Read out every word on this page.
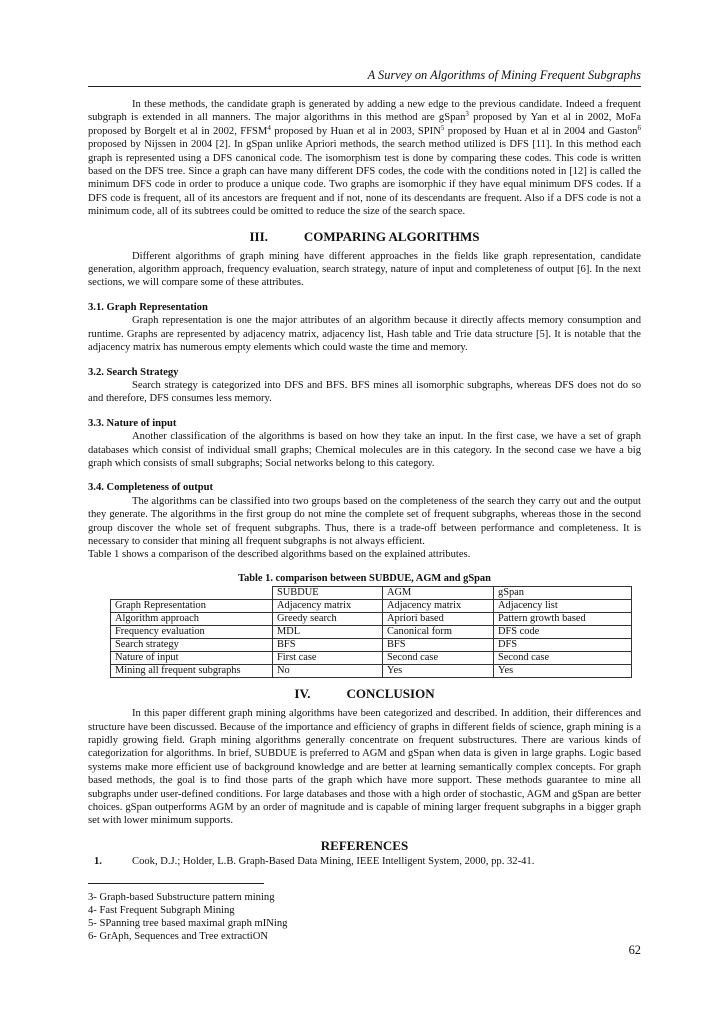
A Survey on Algorithms of Mining Frequent Subgraphs

In these methods, the candidate graph is generated by adding a new edge to the previous candidate. Indeed a frequent subgraph is extended in all manners. The major algorithms in this method are gSpan$^3$ proposed by Yan et al in 2002, MoFa proposed by Borgelt et al in 2002, FFSM$^4$ proposed by Huan et al in 2003, SPIN$^5$ proposed by Huan et al in 2004 and Gaston$^6$ proposed by Nijssen in 2004 [2]. In gSpan unlike Apriori methods, the search method utilized is DFS [11]. In this method each graph is represented using a DFS canonical code. The isomorphism test is done by comparing these codes. This code is written based on the DFS tree. Since a graph can have many different DFS codes, the code with the conditions noted in [12] is called the minimum DFS code in order to produce a unique code. Two graphs are isomorphic if they have equal minimum DFS codes. If a DFS code is frequent, all of its ancestors are frequent and if not, none of its descendants are frequent. Also if a DFS code is not a minimum code, all of its subtrees could be omitted to reduce the size of the search space.

III.	COMPARING ALGORITHMS

Different algorithms of graph mining have different approaches in the fields like graph representation, candidate generation, algorithm approach, frequency evaluation, search strategy, nature of input and completeness of output [6]. In the next sections, we will compare some of these attributes.

3.1. Graph Representation

Graph representation is one the major attributes of an algorithm because it directly affects memory consumption and runtime. Graphs are represented by adjacency matrix, adjacency list, Hash table and Trie data structure [5]. It is notable that the adjacency matrix has numerous empty elements which could waste the time and memory.

3.2. Search Strategy

Search strategy is categorized into DFS and BFS. BFS mines all isomorphic subgraphs, whereas DFS does not do so and therefore, DFS consumes less memory.

3.3. Nature of input

Another classification of the algorithms is based on how they take an input. In the first case, we have a set of graph databases which consist of individual small graphs; Chemical molecules are in this category. In the second case we have a big graph which consists of small subgraphs; Social networks belong to this category.

3.4. Completeness of output

The algorithms can be classified into two groups based on the completeness of the search they carry out and the output they generate. The algorithms in the first group do not mine the complete set of frequent subgraphs, whereas those in the second group discover the whole set of frequent subgraphs. Thus, there is a trade-off between performance and completeness. It is necessary to consider that mining all frequent subgraphs is not always efficient.

Table 1 shows a comparison of the described algorithms based on the explained attributes.

Table 1. comparison between SUBDUE, AGM and gSpan
	SUBDUE	AGM	gSpan
Graph Representation	Adjacency matrix	Adjacency matrix	Adjacency list
Algorithm approach	Greedy search	Apriori based	Pattern growth based
Frequency evaluation	MDL	Canonical form	DFS code
Search strategy	BFS	BFS	DFS
Nature of input	First case	Second case	Second case
Mining all frequent subgraphs	No	Yes	Yes
IV.	CONCLUSION

In this paper different graph mining algorithms have been categorized and described. In addition, their differences and structure have been discussed. Because of the importance and efficiency of graphs in different fields of science, graph mining is a rapidly growing field. Graph mining algorithms generally concentrate on frequent substructures. There are various kinds of categorization for algorithms. In brief, SUBDUE is preferred to AGM and gSpan when data is given in large graphs. Logic based systems make more efficient use of background knowledge and are better at learning semantically complex concepts. For graph based methods, the goal is to find those parts of the graph which have more support. These methods guarantee to mine all subgraphs under user-defined conditions. For large databases and those with a high order of stochastic, AGM and gSpan are better choices. gSpan outperforms AGM by an order of magnitude and is capable of mining larger frequent subgraphs in a bigger graph set with lower minimum supports.

REFERENCES
1.	Cook, D.J.; Holder, L.B. Graph-Based Data Mining, IEEE Intelligent System, 2000, pp. 32-41.
3- Graph-based Substructure pattern mining
4- Fast Frequent Subgraph Mining
5- SPanning tree based maximal graph mINing
6- GrAph, Sequences and Tree extractiON
62
